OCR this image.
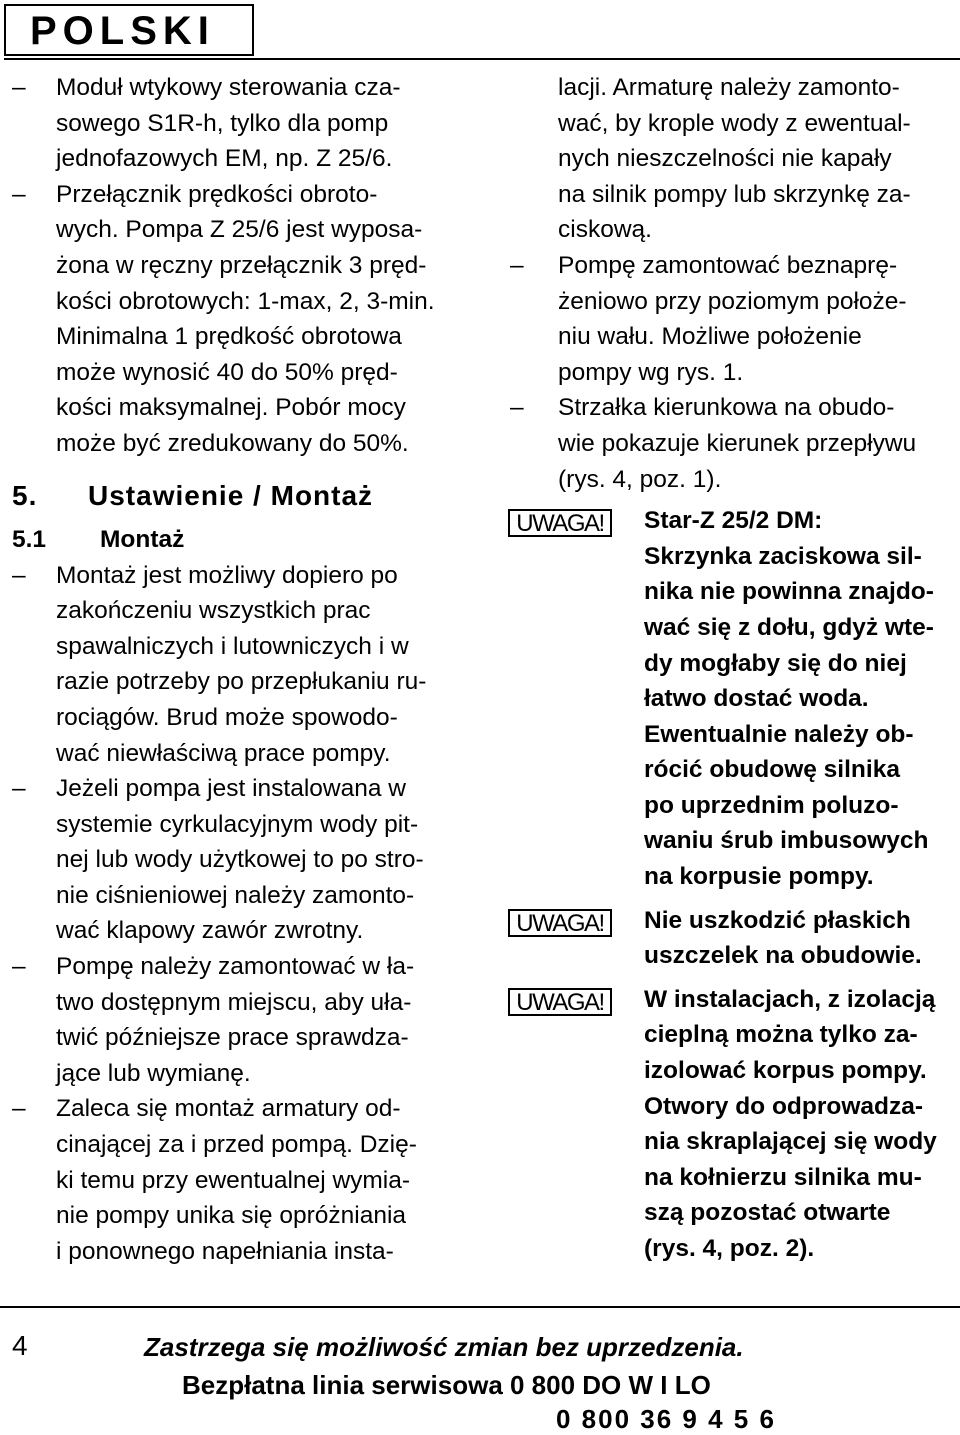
POLSKI
–	Moduł wtykowy sterowania cza-
sowego S1R-h, tylko dla pomp
jednofazowych EM, np. Z 25/6.
–	Przełącznik prędkości obroto-
wych. Pompa Z 25/6 jest wyposa-
żona w ręczny przełącznik 3 pręd-
kości obrotowych: 1-max, 2, 3-min.
Minimalna 1 prędkość obrotowa
może wynosić 40 do 50% pręd-
kości maksymalnej. Pobór mocy
może być zredukowany do 50%.
5. Ustawienie / Montaż
5.1 Montaż
–	Montaż jest możliwy dopiero po
zakończeniu wszystkich prac
spawalniczych i lutowniczych i w
razie potrzeby po przepłukaniu ru-
rociągów. Brud może spowodo-
wać niewłaściwą prace pompy.
–	Jeżeli pompa jest instalowana w
systemie cyrkulacyjnym wody pit-
nej lub wody użytkowej to po stro-
nie ciśnieniowej należy zamonto-
wać klapowy zawór zwrotny.
–	Pompę należy zamontować w ła-
two dostępnym miejscu, aby uła-
twić późniejsze prace sprawdza-
jące lub wymianę.
–	Zaleca się montaż armatury od-
cinającej za i przed pompą. Dzię-
ki temu przy ewentualnej wymia-
nie pompy unika się opróżniania
i ponownego napełniania insta-
lacji. Armaturę należy zamonto-
wać, by krople wody z ewentual-
nych nieszczelności nie kapały
na silnik pompy lub skrzynkę za-
ciskową.
–	Pompę zamontować beznaprę-
żeniowo przy poziomym położe-
niu wału. Możliwe położenie
pompy wg rys. 1.
–	Strzałka kierunkowa na obudo-
wie pokazuje kierunek przepływu
(rys. 4, poz. 1).
UWAGA!	Star-Z 25/2 DM:
Skrzynka zaciskowa sil-
nika nie powinna znajdo-
wać się z dołu, gdyż wte-
dy mogłaby się do niej
łatwo dostać woda.
Ewentualnie należy ob-
rócić obudowę silnika
po uprzednim poluzo-
waniu śrub imbusowych
na korpusie pompy.
UWAGA!	Nie uszkodzić płaskich
uszczelek na obudowie.
UWAGA!	W instalacjach, z izolacją
cieplną można tylko za-
izolować korpus pompy.
Otwory do odprowadza-
nia skraplającej się wody
na kołnierzu silnika mu-
szą pozostać otwarte
(rys. 4, poz. 2).
4	Zastrzega się możliwość zmian bez uprzedzenia.
Bezpłatna linia serwisowa 0 800 DO W I LO
0 800 36 9 4 5 6
